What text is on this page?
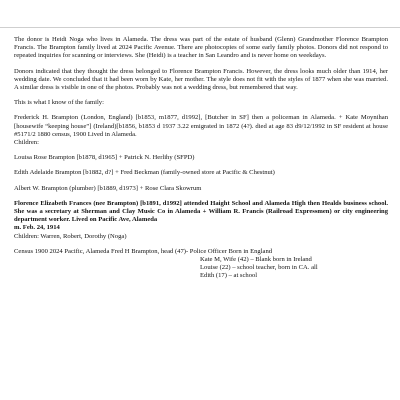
The donor is Heidi Noga who lives in Alameda. The dress was part of the estate of husband (Glenn) Grandmother Florence Brampton Francis. The Brampton family lived at 2024 Pacific Avenue. There are photocopies of some early family photos. Donors did not respond to repeated inquiries for scanning or interviews. She (Heidi) is a teacher in San Leandro and is never home on weekdays.

Donors indicated that they thought the dress belonged to Florence Brampton Francis. However, the dress looks much older than 1914, her wedding date. We concluded that it had been worn by Kate, her mother. The style does not fit with the styles of 1877 when she was married. A similar dress is visible in one of the photos. Probably was not a wedding dress, but remembered that way.

This is what I know of the family:

Frederick H. Brampton (London, England) [b1853, m1877, d1992], [Butcher in SF] then a policeman in Alameda. + Kate Moynihan [housewife “keeping house”] (Ireland)[b1856, b1853 d 1937 3.22 emigrated in 1872 (4?). died at age 83 d9/12/1992 in SF resident at house #5171/2 1880 census, 1900 Lived in Alameda.

Children:

Louisa Rose Brampton [b1878, d1965] + Patrick N. Herlihy (SFPD)

Edith Adelaide Brampton [b1882, d?] + Fred Beckman (family-owned store at Pacific & Chestnut)

Albert W. Brampton (plumber) [b1889, d1973] + Rose Clara Skowrum

Florence Elizabeth Frances (nee Brampton) [b1891, d1992] attended Haight School and Alameda High then Healds business school. She was a secretary at Sherman and Clay Music Co in Alameda + William R. Francis (Railroad Expressmen) or city engineering department worker. Lived on Pacific Ave, Alameda
m. Feb. 24, 1914
Children: Warren, Robert, Dorothy (Noga)

Census 1900 2024 Pacific, Alameda Fred H Brampton, head (47)- Police Officer Born in England

Kate M, Wife (42) – Blank born in Ireland
Louise (22) – school teacher, born in CA. all
Edith (17) – at school
